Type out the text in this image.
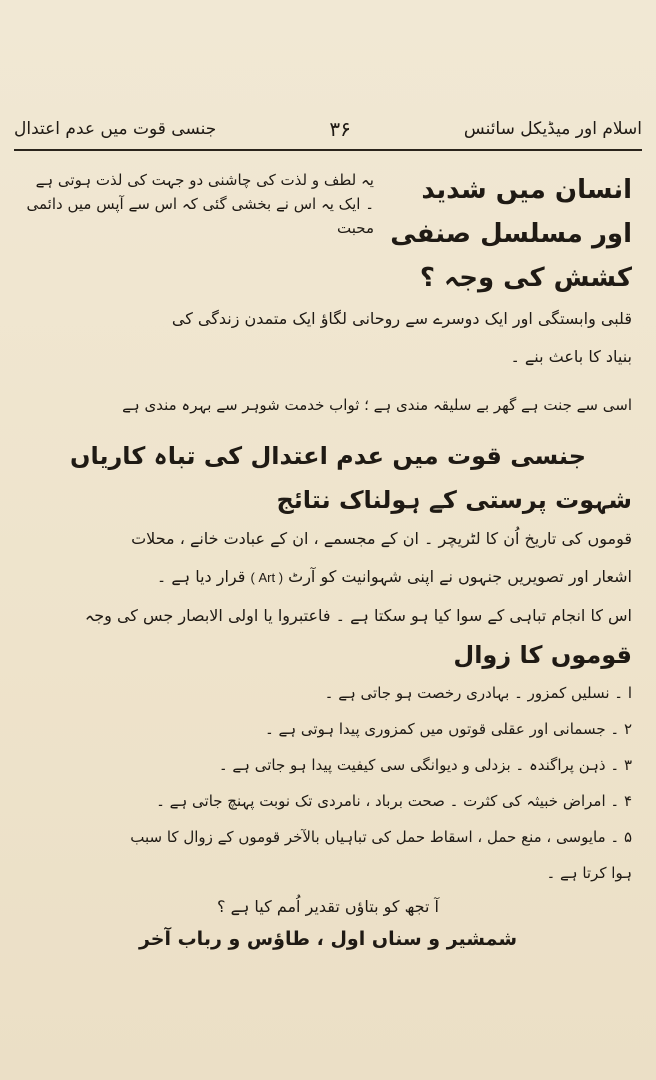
اسلام اور میڈیکل سائنس
۳۶
جنسی قوت میں عدم اعتدال
انسان میں شدید اور مسلسل صنفی کشش کی وجہ ؟
یہ لطف و لذت کی چاشنی دو جہت کی لذت ہوتی ہے ۔ ایک یہ اس نے بخشی گئی کہ اس سے آپس میں دائمی محبت

قلبی وابستگی اور ایک دوسرے سے روحانی لگاؤ ایک متمدن زندگی کی

بنیاد کا باعث بنے ۔

اسی سے جنت ہے گھر بے سلیقہ مندی ہے ؛ ثواب خدمت شوہر سے بہرہ مندی ہے
جنسی قوت میں عدم اعتدال کی تباہ کاریاں
شہوت پرستی کے ہولناک نتائج

قوموں کی تاریخ اُن کا لٹریچر ۔ ان کے مجسمے ، ان کے عبادت خانے ، محلات

اشعار اور تصویریں جنہوں نے اپنی شہوانیت کو آرٹ ( Art ) قرار دیا ہے ۔

اس کا انجام تباہی کے سوا کیا ہو سکتا ہے ۔ فاعتبروا یا اولی الابصار جس کی وجہ

قوموں کا زوال
ا ۔ نسلیں کمزور ۔ بہادری رخصت ہو جاتی ہے ۔
۲ ۔ جسمانی اور عقلی قوتوں میں کمزوری پیدا ہوتی ہے ۔
۳ ۔ ذہن پراگندہ ۔ بزدلی و دیوانگی سی کیفیت پیدا ہو جاتی ہے ۔
۴ ۔ امراض خبیثہ کی کثرت ۔ صحت برباد ، نامردی تک نوبت پہنچ جاتی ہے ۔
۵ ۔ مایوسی ، منع حمل ، اسقاط حمل کی تباہیاں بالآخر قوموں کے زوال کا سبب
ہوا کرتا ہے ۔
آ تجھ کو بتاؤں تقدیر اُمم کیا ہے ؟
شمشیر و سناں اول ، طاؤس و رباب آخر
